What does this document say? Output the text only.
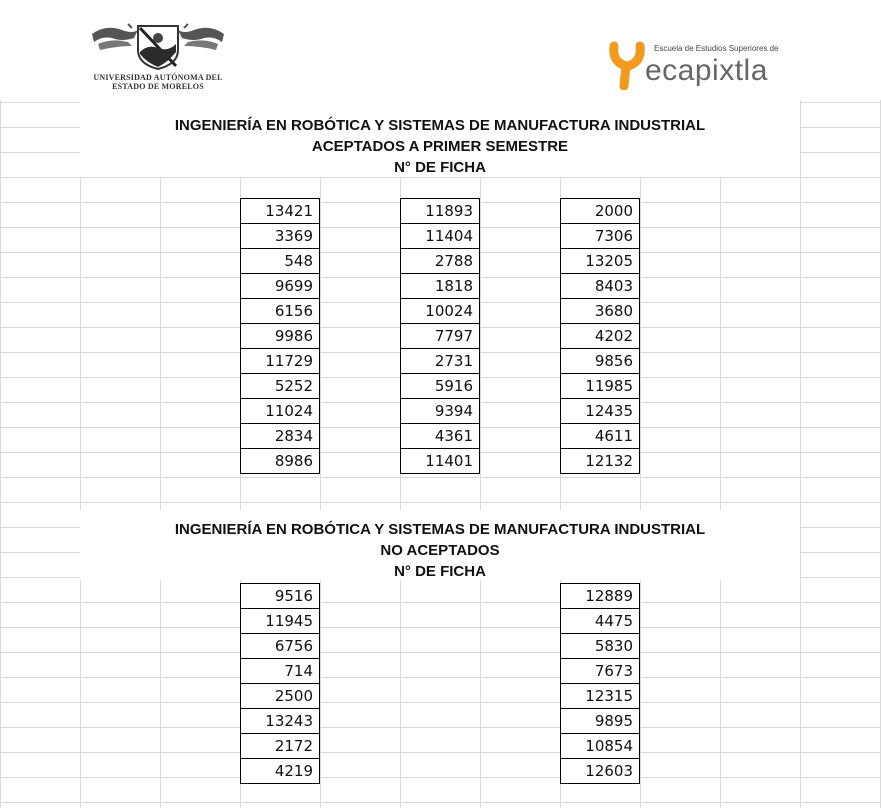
UNIVERSIDAD AUTÓNOMA DEL
ESTADO DE MORELOS
Escuela de Estudios Superiores de
ecapixtla
INGENIERÍA EN ROBÓTICA Y SISTEMAS DE MANUFACTURA INDUSTRIAL
ACEPTADOS A PRIMER SEMESTRE
N° DE FICHA
13421
3369
548
9699
6156
9986
11729
5252
11024
2834
8986
11893
11404
2788
1818
10024
7797
2731
5916
9394
4361
11401
2000
7306
13205
8403
3680
4202
9856
11985
12435
4611
12132
INGENIERÍA EN ROBÓTICA Y SISTEMAS DE MANUFACTURA INDUSTRIAL
NO ACEPTADOS
N° DE FICHA
9516
11945
6756
714
2500
13243
2172
4219
12889
4475
5830
7673
12315
9895
10854
12603
